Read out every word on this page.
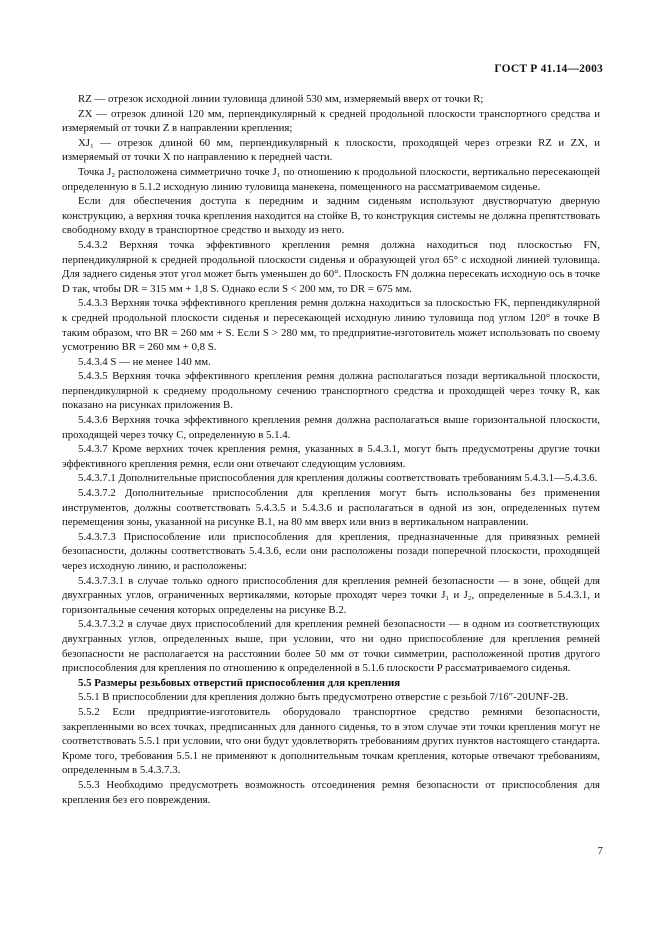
ГОСТ Р 41.14—2003

RZ — отрезок исходной линии туловища длиной 530 мм, измеряемый вверх от точки R;

ZX — отрезок длиной 120 мм, перпендикулярный к средней продольной плоскости транспортного средства и измеряемый от точки Z в направлении крепления;

XJ₁ — отрезок длиной 60 мм, перпендикулярный к плоскости, проходящей через отрезки RZ и ZX, и измеряемый от точки X по направлению к передней части.

Точка J₂ расположена симметрично точке J₁ по отношению к продольной плоскости, вертикально пересекающей определенную в 5.1.2 исходную линию туловища манекена, помещенного на рассматриваемом сиденье.

Если для обеспечения доступа к передним и задним сиденьям используют двустворчатую дверную конструкцию, а верхняя точка крепления находится на стойке В, то конструкция системы не должна препятствовать свободному входу в транспортное средство и выходу из него.

5.4.3.2 Верхняя точка эффективного крепления ремня должна находиться под плоскостью FN, перпендикулярной к средней продольной плоскости сиденья и образующей угол 65° с исходной линией туловища. Для заднего сиденья этот угол может быть уменьшен до 60°. Плоскость FN должна пересекать исходную ось в точке D так, чтобы DR = 315 мм + 1,8 S. Однако если S < 200 мм, то DR = 675 мм.

5.4.3.3 Верхняя точка эффективного крепления ремня должна находиться за плоскостью FK, перпендикулярной к средней продольной плоскости сиденья и пересекающей исходную линию туловища под углом 120° в точке B таким образом, что BR = 260 мм + S. Если S > 280 мм, то предприятие-изготовитель может использовать по своему усмотрению BR = 260 мм + 0,8 S.

5.4.3.4 S — не менее 140 мм.

5.4.3.5 Верхняя точка эффективного крепления ремня должна располагаться позади вертикальной плоскости, перпендикулярной к среднему продольному сечению транспортного средства и проходящей через точку R, как показано на рисунках приложения В.

5.4.3.6 Верхняя точка эффективного крепления ремня должна располагаться выше горизонтальной плоскости, проходящей через точку C, определенную в 5.1.4.

5.4.3.7 Кроме верхних точек крепления ремня, указанных в 5.4.3.1, могут быть предусмотрены другие точки эффективного крепления ремня, если они отвечают следующим условиям.

5.4.3.7.1 Дополнительные приспособления для крепления должны соответствовать требованиям 5.4.3.1—5.4.3.6.

5.4.3.7.2 Дополнительные приспособления для крепления могут быть использованы без применения инструментов, должны соответствовать 5.4.3.5 и 5.4.3.6 и располагаться в одной из зон, определенных путем перемещения зоны, указанной на рисунке В.1, на 80 мм вверх или вниз в вертикальном направлении.

5.4.3.7.3 Приспособление или приспособления для крепления, предназначенные для привязных ремней безопасности, должны соответствовать 5.4.3.6, если они расположены позади поперечной плоскости, проходящей через исходную линию, и расположены:

5.4.3.7.3.1 в случае только одного приспособления для крепления ремней безопасности — в зоне, общей для двухгранных углов, ограниченных вертикалями, которые проходят через точки J₁ и J₂, определенные в 5.4.3.1, и горизонтальные сечения которых определены на рисунке В.2.

5.4.3.7.3.2 в случае двух приспособлений для крепления ремней безопасности — в одном из соответствующих двухгранных углов, определенных выше, при условии, что ни одно приспособление для крепления ремней безопасности не располагается на расстоянии более 50 мм от точки симметрии, расположенной против другого приспособления для крепления по отношению к определенной в 5.1.6 плоскости P рассматриваемого сиденья.

5.5 Размеры резьбовых отверстий приспособления для крепления

5.5.1 В приспособлении для крепления должно быть предусмотрено отверстие с резьбой 7/16″-20UNF-2B.

5.5.2 Если предприятие-изготовитель оборудовало транспортное средство ремнями безопасности, закрепленными во всех точках, предписанных для данного сиденья, то в этом случае эти точки крепления могут не соответствовать 5.5.1 при условии, что они будут удовлетворять требованиям других пунктов настоящего стандарта. Кроме того, требования 5.5.1 не применяют к дополнительным точкам крепления, которые отвечают требованиям, определенным в 5.4.3.7.3.

5.5.3 Необходимо предусмотреть возможность отсоединения ремня безопасности от приспособления для крепления без его повреждения.

7
